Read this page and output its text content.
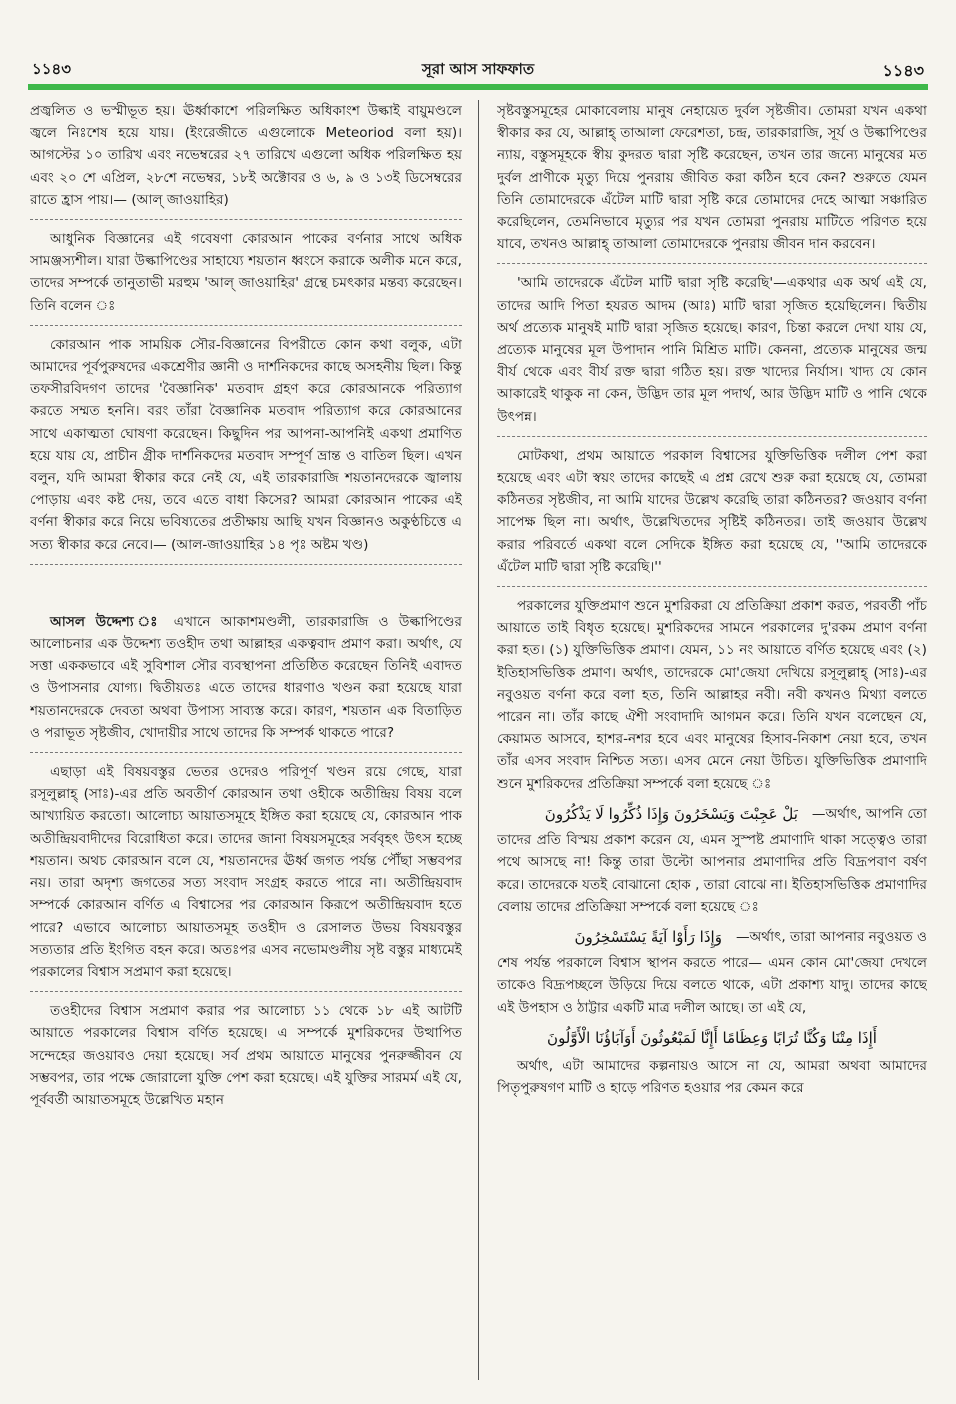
১১৪৩	সূরা আস সাফফাত	১১৪৩

প্রজ্বলিত ও ভস্মীভূত হয়। ঊর্ধ্বাকাশে পরিলক্ষিত অধিকাংশ উল্কাই বায়ুমণ্ডলে জ্বলে নিঃশেষ হয়ে যায়। (ইংরেজীতে এগুলোকে Meteoriod বলা হয়)। আগস্টের ১০ তারিখ এবং নভেম্বরের ২৭ তারিখে এগুলো অধিক পরিলক্ষিত হয় এবং ২০ শে এপ্রিল, ২৮শে নভেম্বর, ১৮ই অক্টোবর ও ৬, ৯ ও ১৩ই ডিসেম্বরের রাতে হ্রাস পায়।— (আল্ জাওয়াহির)

আধুনিক বিজ্ঞানের এই গবেষণা কোরআন পাকের বর্ণনার সাথে অধিক সামঞ্জস্যশীল। যারা উল্কাপিণ্ডের সাহায্যে শয়তান ধ্বংসে করাকে অলীক মনে করে, তাদের সম্পর্কে তানুতাভী মরহুম 'আল্ জাওয়াহির' গ্রন্থে চমৎকার মন্তব্য করেছেন। তিনি বলেন ঃ

কোরআন পাক সাময়িক সৌর-বিজ্ঞানের বিপরীতে কোন কথা বলুক, এটা আমাদের পূর্বপুরুষদের একশ্রেণীর জ্ঞানী ও দার্শনিকদের কাছে অসহনীয় ছিল। কিন্তু তফসীরবিদগণ তাদের 'বৈজ্ঞানিক' মতবাদ গ্রহণ করে কোরআনকে পরিত্যাগ করতে সম্মত হননি। বরং তাঁরা বৈজ্ঞানিক মতবাদ পরিত্যাগ করে কোরআনের সাথে একাত্মতা ঘোষণা করেছেন। কিছুদিন পর আপনা-আপনিই একথা প্রমাণিত হয়ে যায় যে, প্রাচীন গ্রীক দার্শনিকদের মতবাদ সম্পূর্ণ ভ্রান্ত ও বাতিল ছিল। এখন বলুন, যদি আমরা স্বীকার করে নেই যে, এই তারকারাজি শয়তানদেরকে জ্বালায় পোড়ায় এবং কষ্ট দেয়, তবে এতে বাধা কিসের? আমরা কোরআন পাকের এই বর্ণনা স্বীকার করে নিয়ে ভবিষ্যতের প্রতীক্ষায় আছি যখন বিজ্ঞানও অকুণ্ঠচিত্তে এ সত্য স্বীকার করে নেবে।— (আল-জাওয়াহির ১৪ পৃঃ অষ্টম খণ্ড)

আসল উদ্দেশ্য ঃ এখানে আকাশমণ্ডলী, তারকারাজি ও উল্কাপিণ্ডের আলোচনার এক উদ্দেশ্য তওহীদ তথা আল্লাহর একত্ববাদ প্রমাণ করা। অর্থাৎ, যে সত্তা এককভাবে এই সুবিশাল সৌর ব্যবস্থাপনা প্রতিষ্ঠিত করেছেন তিনিই এবাদত ও উপাসনার যোগ্য। দ্বিতীয়তঃ এতে তাদের ধারণাও খণ্ডন করা হয়েছে যারা শয়তানদেরকে দেবতা অথবা উপাস্য সাব্যস্ত করে। কারণ, শয়তান এক বিতাড়িত ও পরাভূত সৃষ্টজীব, খোদায়ীর সাথে তাদের কি সম্পর্ক থাকতে পারে?

এছাড়া এই বিষয়বস্তুর ভেতর ওদেরও পরিপূর্ণ খণ্ডন রয়ে গেছে, যারা রসূলুল্লাহ্ (সাঃ)-এর প্রতি অবতীর্ণ কোরআন তথা ওহীকে অতীন্দ্রিয় বিষয় বলে আখ্যায়িত করতো। আলোচ্য আয়াতসমূহে ইঙ্গিত করা হয়েছে যে, কোরআন পাক অতীন্দ্রিয়বাদীদের বিরোধিতা করে। তাদের জানা বিষয়সমূহের সর্ববৃহৎ উৎস হচ্ছে শয়তান। অথচ কোরআন বলে যে, শয়তানদের ঊর্ধ্ব জগত পর্যন্ত পৌঁছা সম্ভবপর নয়। তারা অদৃশ্য জগতের সত্য সংবাদ সংগ্রহ করতে পারে না। অতীন্দ্রিয়বাদ সম্পর্কে কোরআন বর্ণিত এ বিশ্বাসের পর কোরআন কিরূপে অতীন্দ্রিয়বাদ হতে পারে? এভাবে আলোচ্য আয়াতসমূহ তওহীদ ও রেসালত উভয় বিষয়বস্তুর সত্যতার প্রতি ইংগিত বহন করে। অতঃপর এসব নভোমণ্ডলীয় সৃষ্ট বস্তুর মাধ্যমেই পরকালের বিশ্বাস সপ্রমাণ করা হয়েছে।

তওহীদের বিশ্বাস সপ্রমাণ করার পর আলোচ্য ১১ থেকে ১৮ এই আটটি আয়াতে পরকালের বিশ্বাস বর্ণিত হয়েছে। এ সম্পর্কে মুশরিকদের উত্থাপিত সন্দেহের জওয়াবও দেয়া হয়েছে। সর্ব প্রথম আয়াতে মানুষের পুনরুজ্জীবন যে সম্ভবপর, তার পক্ষে জোরালো যুক্তি পেশ করা হয়েছে। এই যুক্তির সারমর্ম এই যে, পূর্ববর্তী আয়াতসমূহে উল্লেখিত মহান

সৃষ্টবস্তুসমূহের মোকাবেলায় মানুষ নেহায়েত দুর্বল সৃষ্টজীব। তোমরা যখন একথা স্বীকার কর যে, আল্লাহ্ তাআলা ফেরেশতা, চন্দ্র, তারকারাজি, সূর্য ও উল্কাপিণ্ডের ন্যায়, বস্তুসমূহকে স্বীয় কুদরত দ্বারা সৃষ্টি করেছেন, তখন তার জন্যে মানুষের মত দুর্বল প্রাণীকে মৃত্যু দিয়ে পুনরায় জীবিত করা কঠিন হবে কেন? শুরুতে যেমন তিনি তোমাদেরকে এঁটেল মাটি দ্বারা সৃষ্টি করে তোমাদের দেহে আত্মা সঞ্চারিত করেছিলেন, তেমনিভাবে মৃত্যুর পর যখন তোমরা পুনরায় মাটিতে পরিণত হয়ে যাবে, তখনও আল্লাহ্ তাআলা তোমাদেরকে পুনরায় জীবন দান করবেন।

'আমি তাদেরকে এঁটেল মাটি দ্বারা সৃষ্টি করেছি'—একথার এক অর্থ এই যে, তাদের আদি পিতা হযরত আদম (আঃ) মাটি দ্বারা সৃজিত হয়েছিলেন। দ্বিতীয় অর্থ প্রত্যেক মানুষই মাটি দ্বারা সৃজিত হয়েছে। কারণ, চিন্তা করলে দেখা যায় যে, প্রত্যেক মানুষের মূল উপাদান পানি মিশ্রিত মাটি। কেননা, প্রত্যেক মানুষের জন্ম বীর্য থেকে এবং বীর্য রক্ত দ্বারা গঠিত হয়। রক্ত খাদ্যের নির্যাস। খাদ্য যে কোন আকারেই থাকুক না কেন, উদ্ভিদ তার মূল পদার্থ, আর উদ্ভিদ মাটি ও পানি থেকে উৎপন্ন।

মোটকথা, প্রথম আয়াতে পরকাল বিশ্বাসের যুক্তিভিত্তিক দলীল পেশ করা হয়েছে এবং এটা স্বয়ং তাদের কাছেই এ প্রশ্ন রেখে শুরু করা হয়েছে যে, তোমরা কঠিনতর সৃষ্টজীব, না আমি যাদের উল্লেখ করেছি তারা কঠিনতর? জওয়াব বর্ণনা সাপেক্ষ ছিল না। অর্থাৎ, উল্লেখিতদের সৃষ্টিই কঠিনতর। তাই জওয়াব উল্লেখ করার পরিবর্তে একথা বলে সেদিকে ইঙ্গিত করা হয়েছে যে, ''আমি তাদেরকে এঁটেল মাটি দ্বারা সৃষ্টি করেছি।''

পরকালের যুক্তিপ্রমাণ শুনে মুশরিকরা যে প্রতিক্রিয়া প্রকাশ করত, পরবর্তী পাঁচ আয়াতে তাই বিধৃত হয়েছে। মুশরিকদের সামনে পরকালের দু'রকম প্রমাণ বর্ণনা করা হত। (১) যুক্তিভিত্তিক প্রমাণ। যেমন, ১১ নং আয়াতে বর্ণিত হয়েছে এবং (২) ইতিহাসভিত্তিক প্রমাণ। অর্থাৎ, তাদেরকে মো'জেযা দেখিয়ে রসূলুল্লাহ্ (সাঃ)-এর নবুওয়ত বর্ণনা করে বলা হত, তিনি আল্লাহর নবী। নবী কখনও মিথ্যা বলতে পারেন না। তাঁর কাছে ঐশী সংবাদাদি আগমন করে। তিনি যখন বলেছেন যে, কেয়ামত আসবে, হাশর-নশর হবে এবং মানুষের হিসাব-নিকাশ নেয়া হবে, তখন তাঁর এসব সংবাদ নিশ্চিত সত্য। এসব মেনে নেয়া উচিত। যুক্তিভিত্তিক প্রমাণাদি শুনে মুশরিকদের প্রতিক্রিয়া সম্পর্কে বলা হয়েছে ঃ

بَلْ عَجِبْتَ وَيَسْخَرُونَ وَإِذَا ذُكِّرُوا لَا يَذْكُرُونَ —অর্থাৎ, আপনি তো

তাদের প্রতি বিস্ময় প্রকাশ করেন যে, এমন সুস্পষ্ট প্রমাণাদি থাকা সত্ত্বেও তারা পথে আসছে না! কিন্তু তারা উল্টো আপনার প্রমাণাদির প্রতি বিদ্রূপবাণ বর্ষণ করে। তাদেরকে যতই বোঝানো হোক , তারা বোঝে না। ইতিহাসভিত্তিক প্রমাণাদির বেলায় তাদের প্রতিক্রিয়া সম্পর্কে বলা হয়েছে ঃ

وَإِذَا رَأَوْا آيَةً يَسْتَسْخِرُونَ —অর্থাৎ, তারা আপনার নবুওয়ত ও

শেষ পর্যন্ত পরকালে বিশ্বাস স্থাপন করতে পারে— এমন কোন মো'জেযা দেখলে তাকেও বিদ্রূপচ্ছলে উড়িয়ে দিয়ে বলতে থাকে, এটা প্রকাশ্য যাদু। তাদের কাছে এই উপহাস ও ঠাট্টার একটি মাত্র দলীল আছে। তা এই যে,

أَإِذَا مِتْنَا وَكُنَّا تُرَابًا وَعِظَامًا أَإِنَّا لَمَبْعُوثُونَ أَوَآبَاؤُنَا الْأَوَّلُونَ

অর্থাৎ, এটা আমাদের কল্পনায়ও আসে না যে, আমরা অথবা আমাদের পিতৃপুরুষগণ মাটি ও হাড়ে পরিণত হওয়ার পর কেমন করে
